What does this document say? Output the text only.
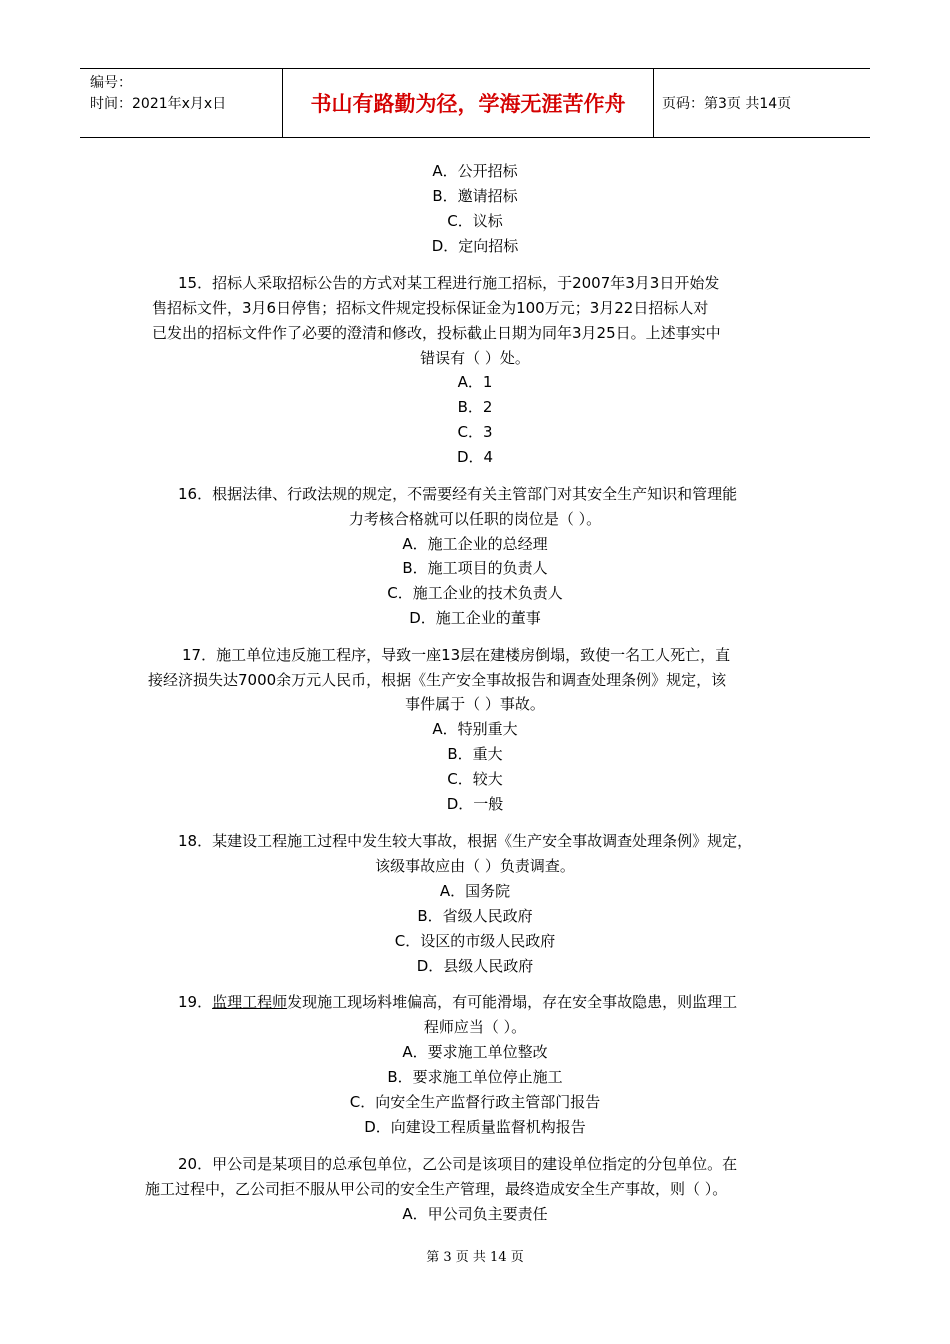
编号：
时间：2021年x月x日	书山有路勤为径，学海无涯苦作舟	页码：第3页 共14页
A．公开招标
B．邀请招标
C．议标
D．定向招标
15．招标人采取招标公告的方式对某工程进行施工招标，于2007年3月3日开始发
售招标文件，3月6日停售；招标文件规定投标保证金为100万元；3月22日招标人对
已发出的招标文件作了必要的澄清和修改，投标截止日期为同年3月25日。上述事实中
错误有（ ）处。
A．1
B．2
C．3
D．4
16．根据法律、行政法规的规定，不需要经有关主管部门对其安全生产知识和管理能
力考核合格就可以任职的岗位是（ ）。
A．施工企业的总经理
B．施工项目的负责人
C．施工企业的技术负责人
D．施工企业的董事
17．施工单位违反施工程序，导致一座13层在建楼房倒塌，致使一名工人死亡，直
接经济损失达7000余万元人民币，根据《生产安全事故报告和调查处理条例》规定，该
事件属于（ ）事故。
A．特别重大
B．重大
C．较大
D．一般
18．某建设工程施工过程中发生较大事故，根据《生产安全事故调查处理条例》规定，
该级事故应由（ ）负责调查。
A．国务院
B．省级人民政府
C．设区的市级人民政府
D．县级人民政府
19．监理工程师发现施工现场料堆偏高，有可能滑塌，存在安全事故隐患，则监理工
程师应当（ ）。
A．要求施工单位整改
B．要求施工单位停止施工
C．向安全生产监督行政主管部门报告
D．向建设工程质量监督机构报告
20．甲公司是某项目的总承包单位，乙公司是该项目的建设单位指定的分包单位。在
施工过程中，乙公司拒不服从甲公司的安全生产管理，最终造成安全生产事故，则（ ）。
A．甲公司负主要责任
第 3 页 共 14 页
